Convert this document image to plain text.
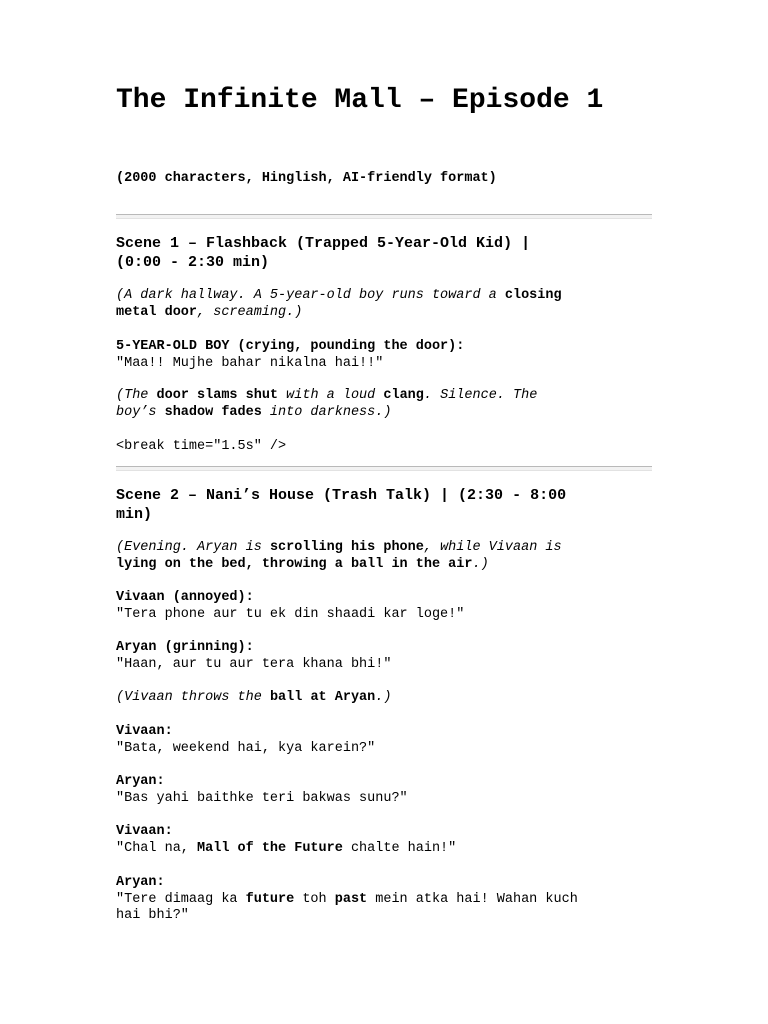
The Infinite Mall – Episode 1
(2000 characters, Hinglish, AI-friendly format)
Scene 1 – Flashback (Trapped 5-Year-Old Kid) |
(0:00 - 2:30 min)
(A dark hallway. A 5-year-old boy runs toward a closing
metal door, screaming.)
5-YEAR-OLD BOY (crying, pounding the door):
"Maa!! Mujhe bahar nikalna hai!!"
(The door slams shut with a loud clang. Silence. The
boy’s shadow fades into darkness.)
<break time="1.5s" />
Scene 2 – Nani’s House (Trash Talk) | (2:30 - 8:00
min)
(Evening. Aryan is scrolling his phone, while Vivaan is
lying on the bed, throwing a ball in the air.)
Vivaan (annoyed):
"Tera phone aur tu ek din shaadi kar loge!"
Aryan (grinning):
"Haan, aur tu aur tera khana bhi!"
(Vivaan throws the ball at Aryan.)
Vivaan:
"Bata, weekend hai, kya karein?"
Aryan:
"Bas yahi baithke teri bakwas sunu?"
Vivaan:
"Chal na, Mall of the Future chalte hain!"
Aryan:
"Tere dimaag ka future toh past mein atka hai! Wahan kuch
hai bhi?"
